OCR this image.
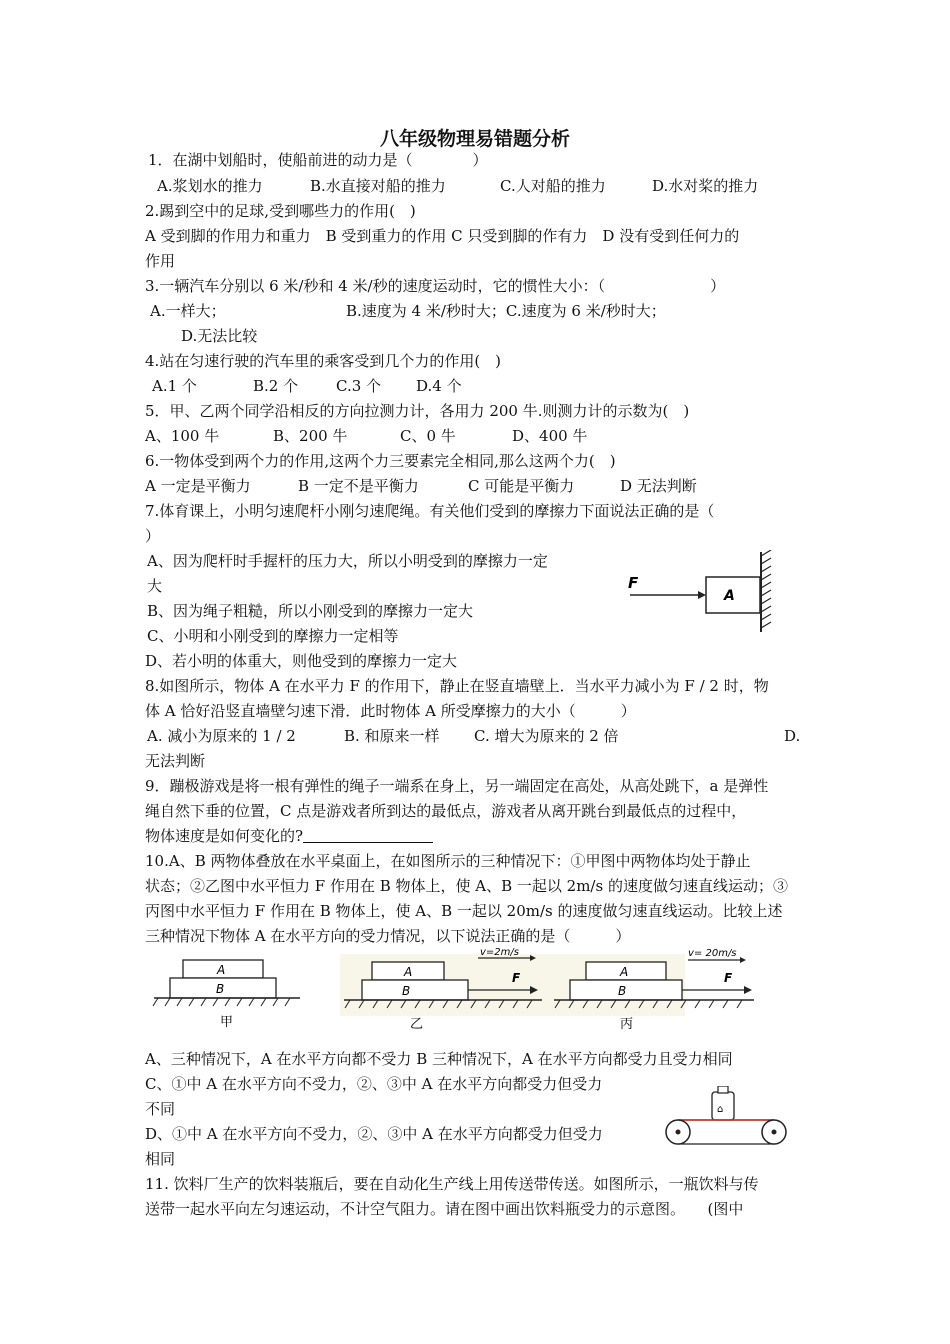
八年级物理易错题分析
1．在湖中划船时，使船前进的动力是（　　　　）
A.浆划水的推力	B.水直接对船的推力	C.人对船的推力	D.水对桨的推力
2.踢到空中的足球,受到哪些力的作用(　)
A 受到脚的作用力和重力　B 受到重力的作用 C 只受到脚的作有力　D 没有受到任何力的
作用
3.一辆汽车分别以 6 米/秒和 4 米/秒的速度运动时，它的惯性大小：（　　　　　　　）
A.一样大；	B.速度为 4 米/秒时大；C.速度为 6 米/秒时大；
D.无法比较
4.站在匀速行驶的汽车里的乘客受到几个力的作用(　)
A.1 个	B.2 个	C.3 个 D.4 个
5．甲、乙两个同学沿相反的方向拉测力计，各用力 200 牛.则测力计的示数为(　)
A、100 牛	B、200 牛	C、0 牛	D、400 牛
6.一物体受到两个力的作用,这两个力三要素完全相同,那么这两个力(　)
A 一定是平衡力	B 一定不是平衡力	C 可能是平衡力	D 无法判断
7.体育课上，小明匀速爬杆小刚匀速爬绳。有关他们受到的摩擦力下面说法正确的是（
）
A、因为爬杆时手握杆的压力大，所以小明受到的摩擦力一定
大
B、因为绳子粗糙，所以小刚受到的摩擦力一定大
C、小明和小刚受到的摩擦力一定相等
D、若小明的体重大，则他受到的摩擦力一定大
F
A
8.如图所示，物体 A 在水平力 F 的作用下，静止在竖直墙壁上．当水平力减小为 F / 2 时，物
体 A 恰好沿竖直墙壁匀速下滑．此时物体 A 所受摩擦力的大小（　　　）
A. 减小为原来的 1 / 2	B. 和原来一样 C. 增大为原来的 2 倍	D.
无法判断
9．蹦极游戏是将一根有弹性的绳子一端系在身上，另一端固定在高处，从高处跳下，a 是弹性
绳自然下垂的位置，C 点是游戏者所到达的最低点，游戏者从离开跳台到最低点的过程中，
物体速度是如何变化的?
10.A、B 两物体叠放在水平桌面上，在如图所示的三种情况下：①甲图中两物体均处于静止
状态；②乙图中水平恒力 F 作用在 B 物体上，使 A、B 一起以 2m/s 的速度做匀速直线运动；③
丙图中水平恒力 F 作用在 B 物体上，使 A、B 一起以 20m/s 的速度做匀速直线运动。比较上述
三种情况下物体 A 在水平方向的受力情况，以下说法正确的是（　　　）
A
B
甲
A
B
v=2m/s
F
乙
A
B
v= 20m/s
F
丙
A、三种情况下，A 在水平方向都不受力 B 三种情况下，A 在水平方向都受力且受力相同
C、①中 A 在水平方向不受力，②、③中 A 在水平方向都受力但受力
不同
D、①中 A 在水平方向不受力，②、③中 A 在水平方向都受力但受力
相同
⌂
11. 饮料厂生产的饮料装瓶后，要在自动化生产线上用传送带传送。如图所示，一瓶饮料与传
送带一起水平向左匀速运动，不计空气阻力。请在图中画出饮料瓶受力的示意图。　　(图中
